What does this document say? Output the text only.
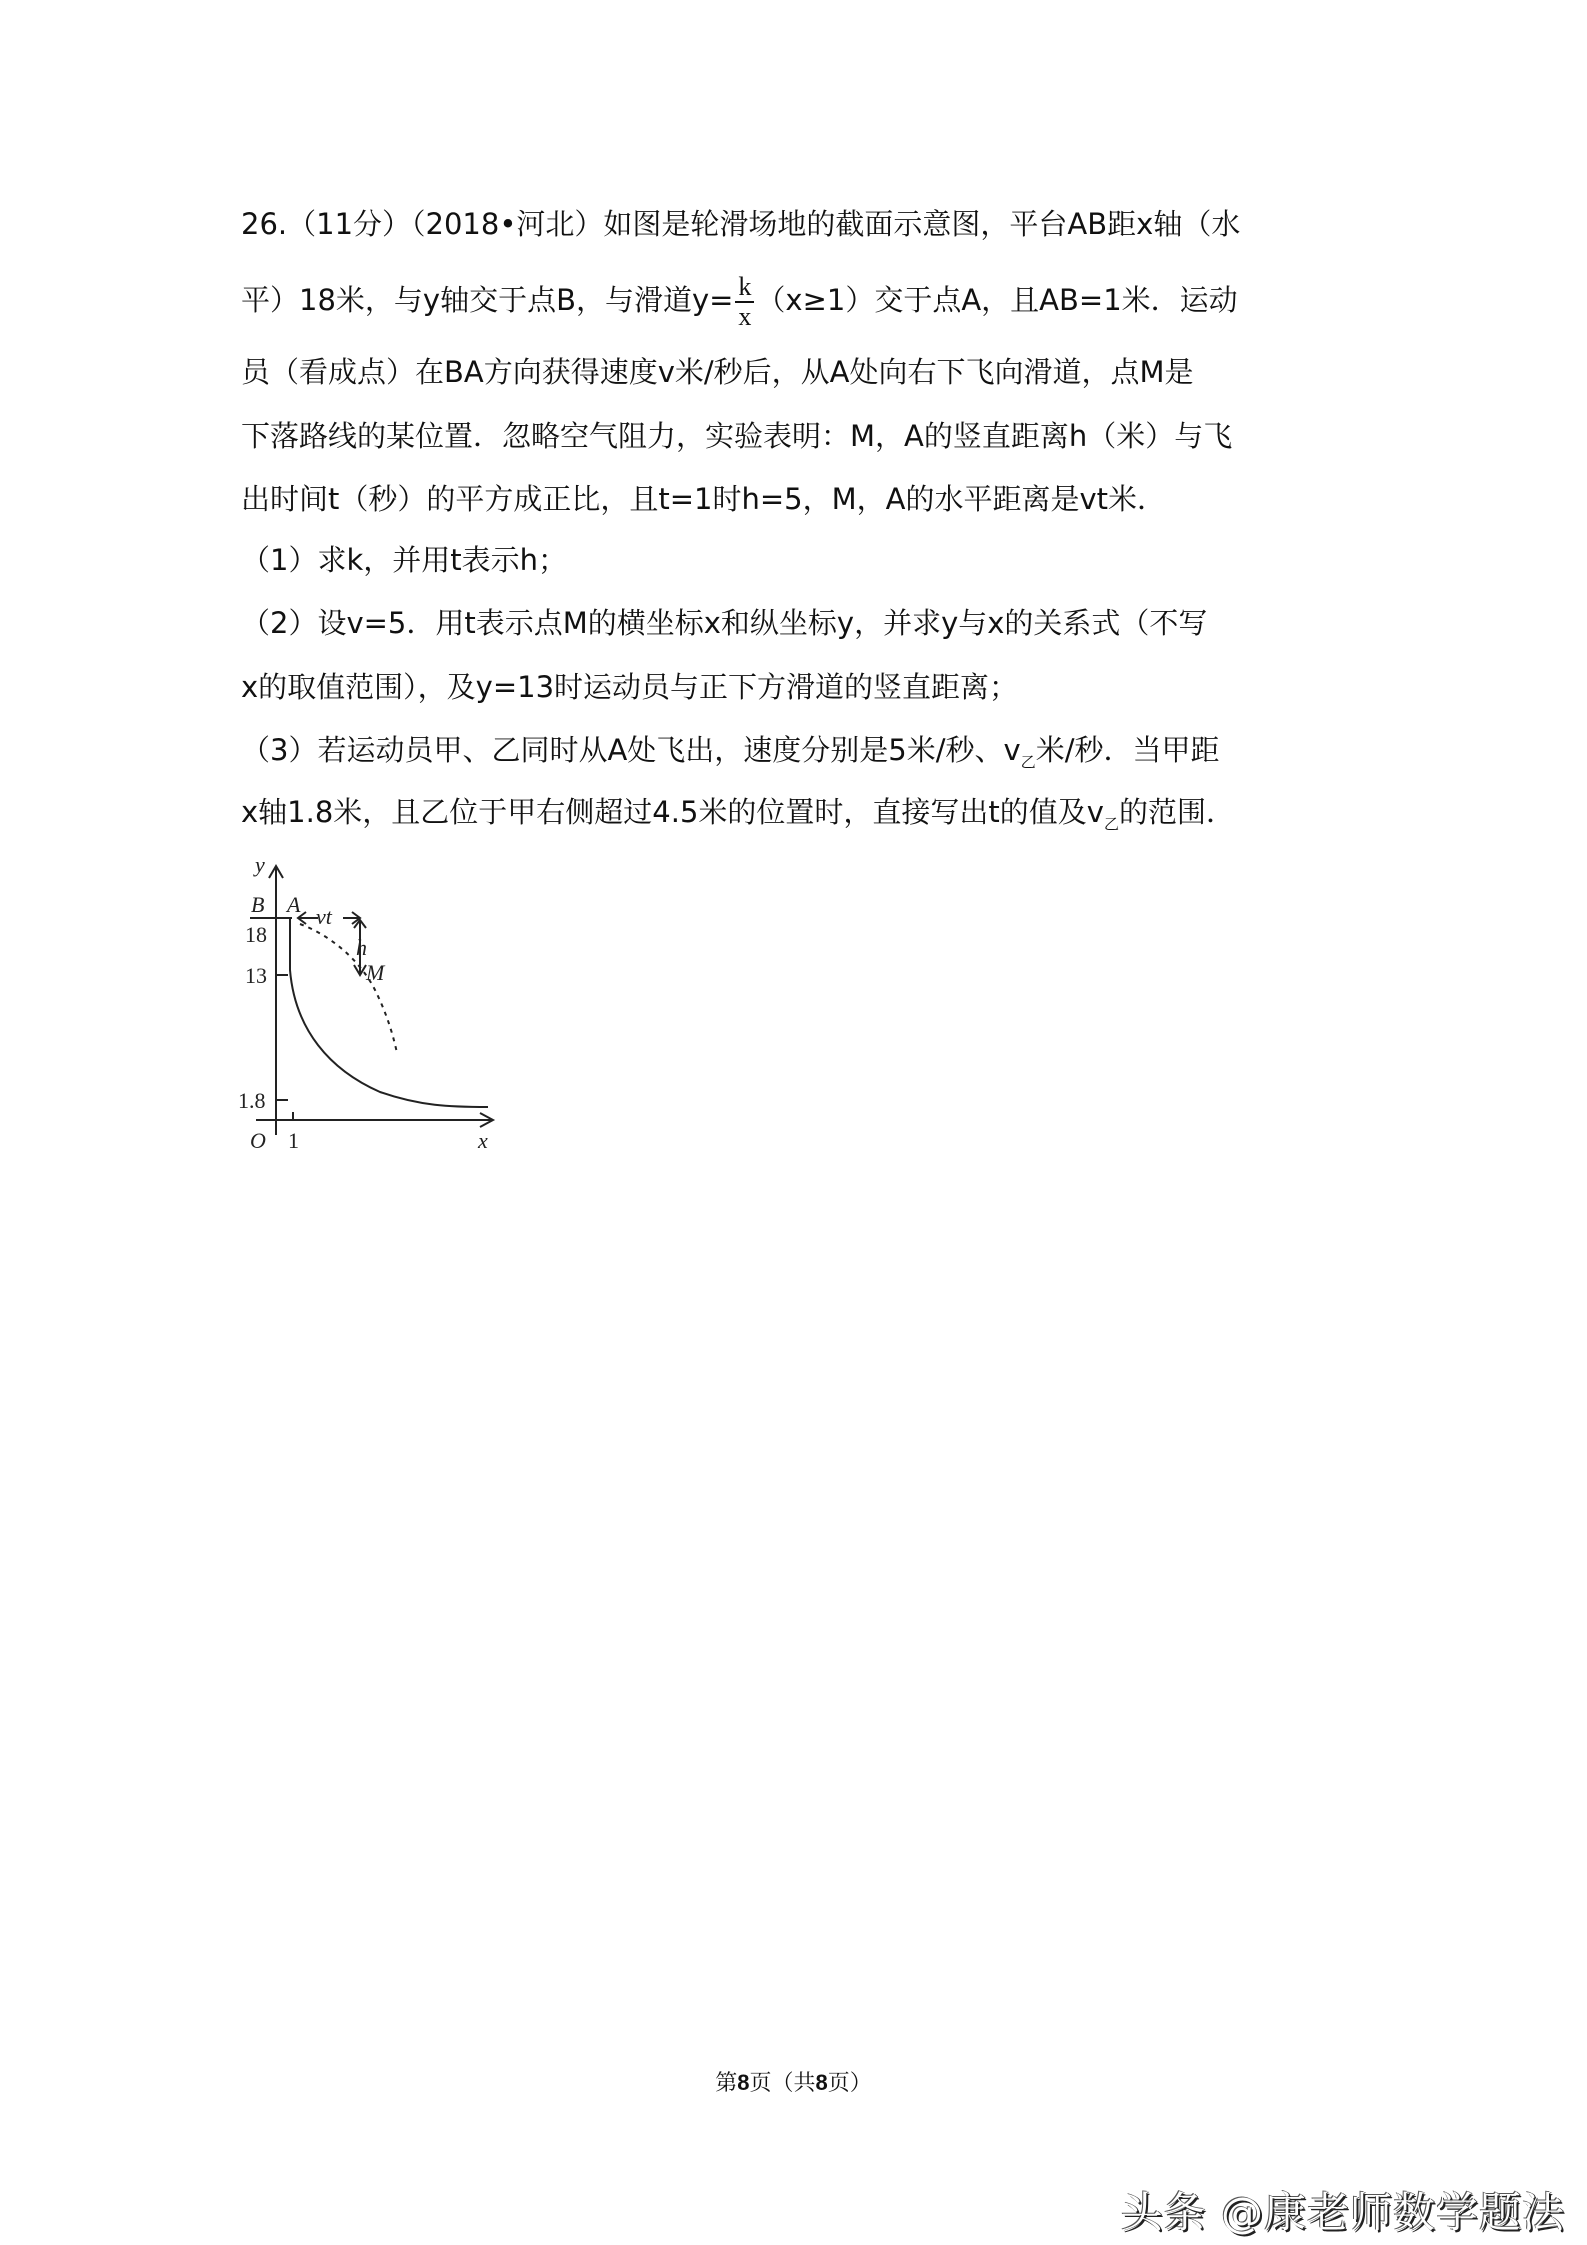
26.（11分）（2018•河北）如图是轮滑场地的截面示意图，平台AB距x轴（水
平）18米，与y轴交于点B，与滑道$y= \frac{k}{x} (x\ge 1)$交于点A，且AB=1米．运动
员（看成点）在BA方向获得速度v米/秒后，从A处向右下飞向滑道，点M是
下落路线的某位置．忽略空气阻力，实验表明：M，A的竖直距离h（米）与飞
出时间t（秒）的平方成正比，且t=1时h=5，M，A的水平距离是vt米．
（1）求k，并用t表示h；
（2）设v=5．用t表示点M的横坐标x和纵坐标y，并求y与x的关系式（不写
x的取值范围），及y=13时运动员与正下方滑道的竖直距离；
（3）若运动员甲、乙同时从A处飞出，速度分别是5米/秒、$v_乙$米/秒．当甲距
x轴1.8米，且乙位于甲右侧超过4.5米的位置时，直接写出t的值及$v_乙$的范围．
y
x
O
B A vt
h
M
18
13
1.8
1
第8页（共8页）
头条 @康老师数学题法
